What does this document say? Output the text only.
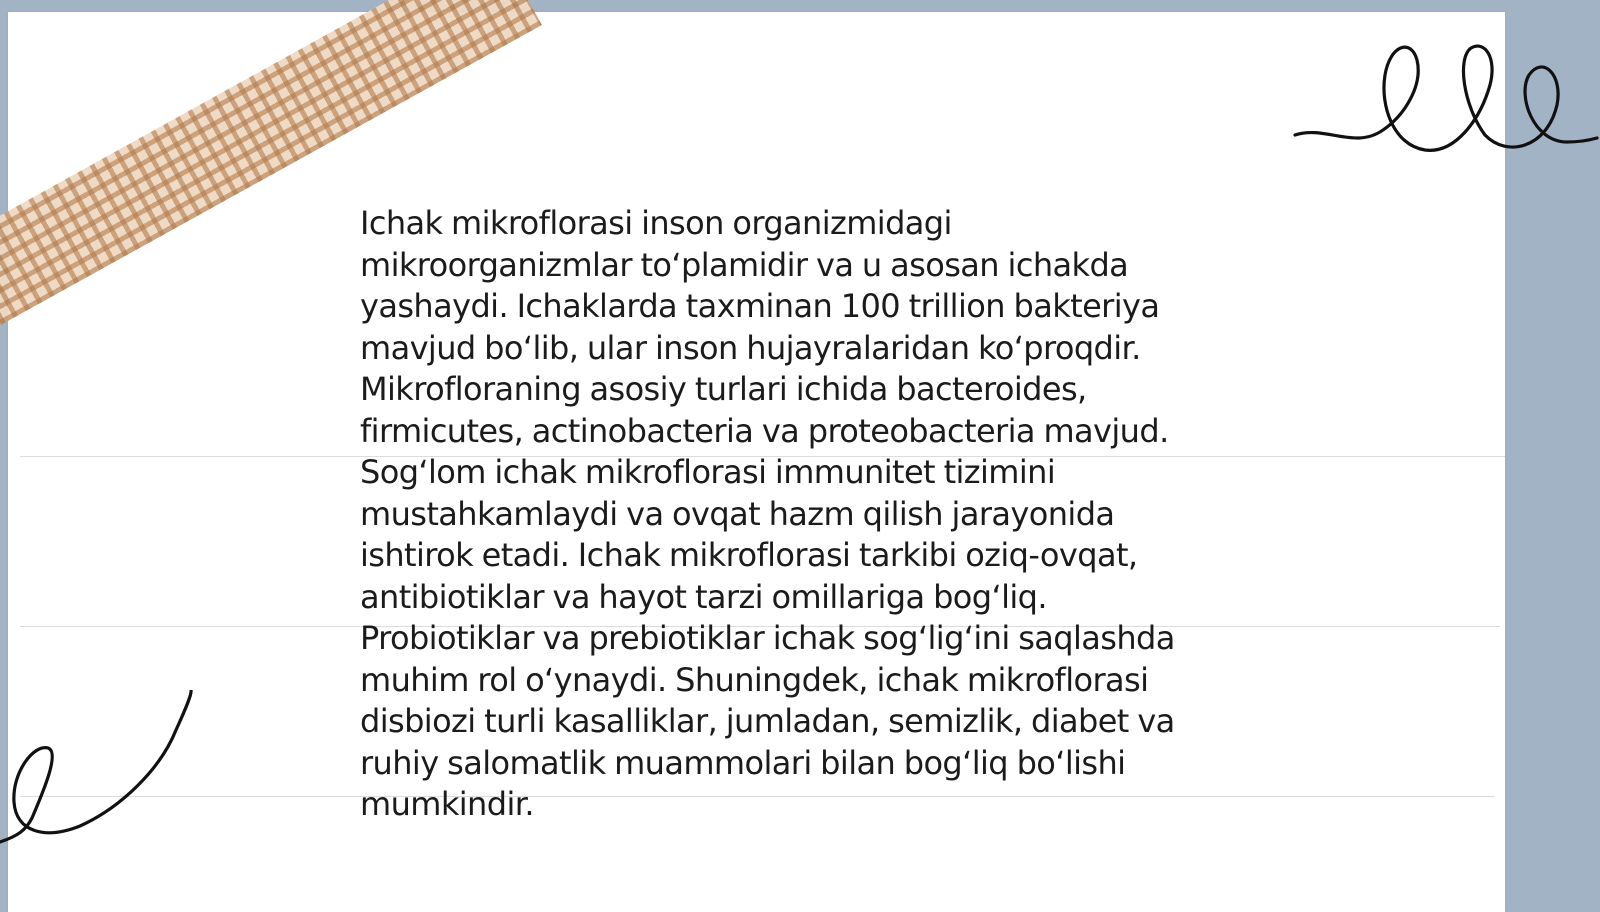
Ichak mikroflorasi inson organizmidagi
mikroorganizmlar to‘plamidir va u asosan ichakda
yashaydi. Ichaklarda taxminan 100 trillion bakteriya
mavjud bo‘lib, ular inson hujayralaridan ko‘proqdir.
Mikrofloraning asosiy turlari ichida bacteroides,
firmicutes, actinobacteria va proteobacteria mavjud.
Sog‘lom ichak mikroflorasi immunitet tizimini
mustahkamlaydi va ovqat hazm qilish jarayonida
ishtirok etadi. Ichak mikroflorasi tarkibi oziq-ovqat,
antibiotiklar va hayot tarzi omillariga bog‘liq.
Probiotiklar va prebiotiklar ichak sog‘lig‘ini saqlashda
muhim rol o‘ynaydi. Shuningdek, ichak mikroflorasi
disbiozi turli kasalliklar, jumladan, semizlik, diabet va
ruhiy salomatlik muammolari bilan bog‘liq bo‘lishi
mumkindir.
